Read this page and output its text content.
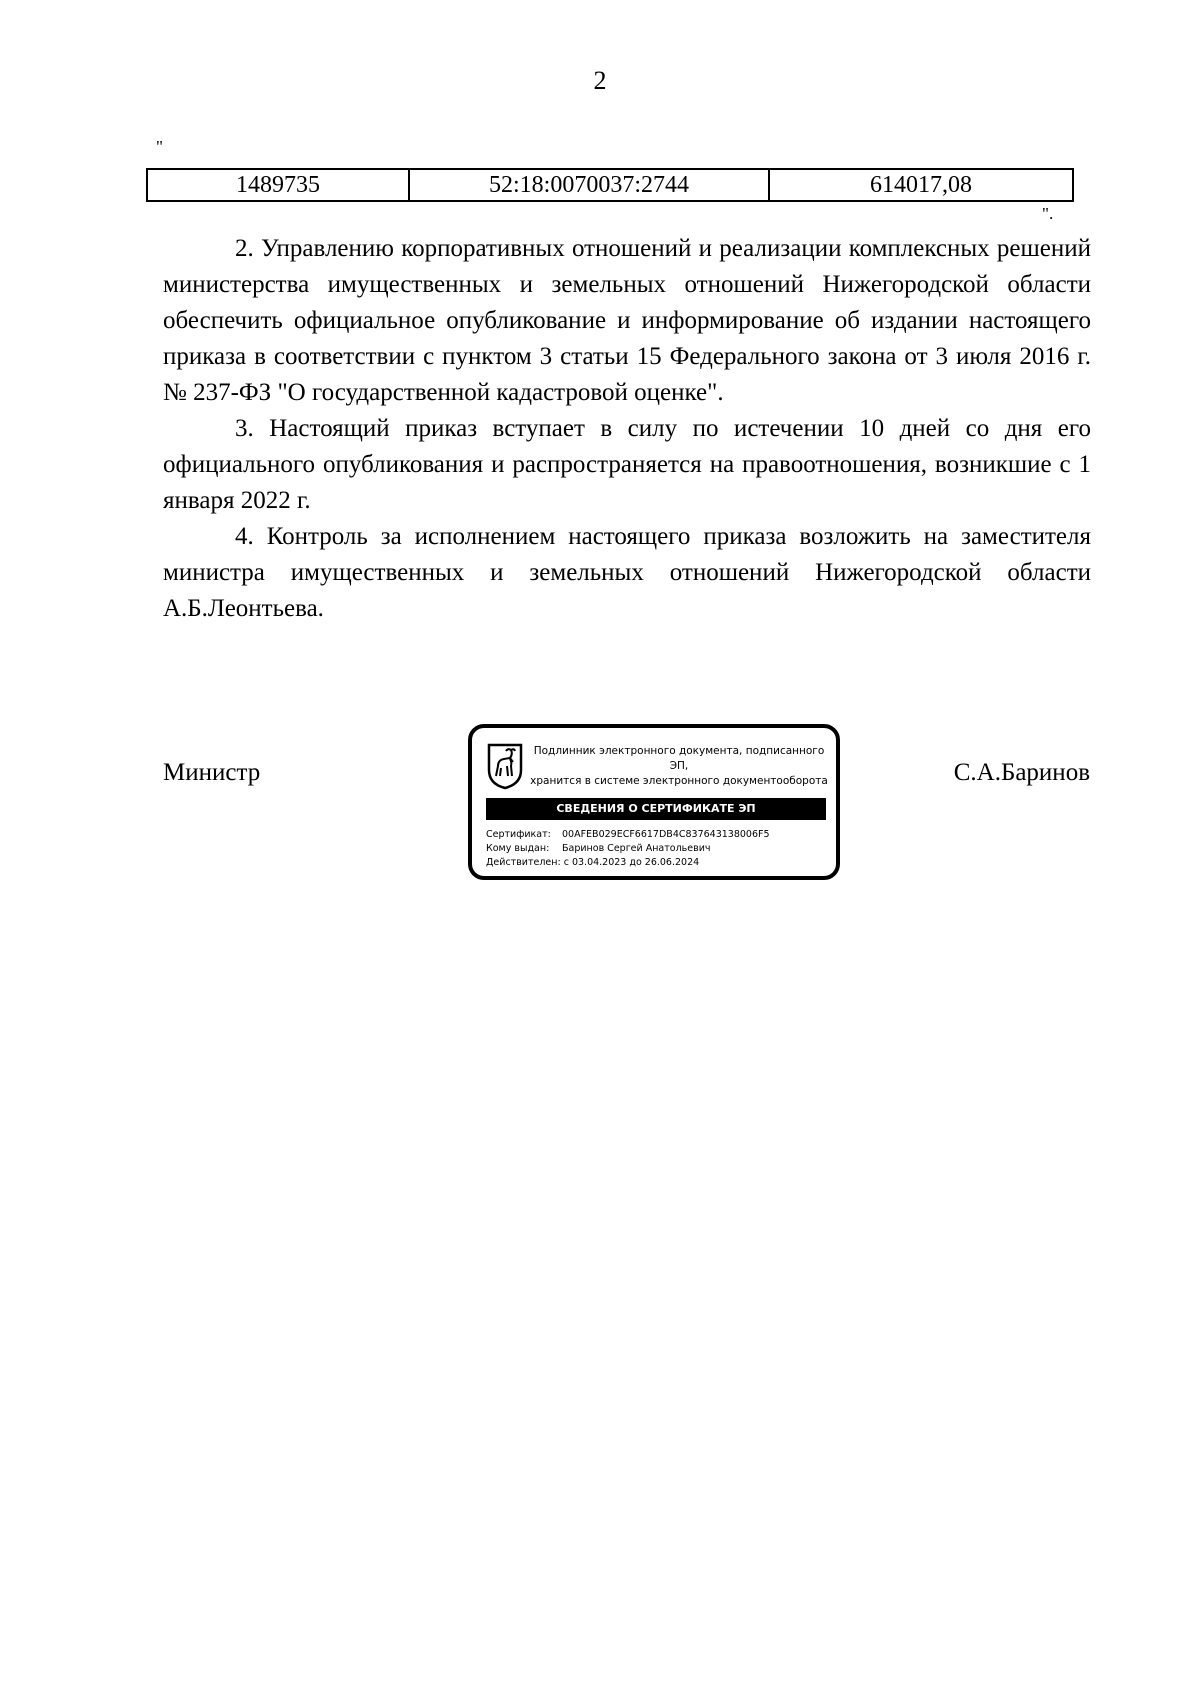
2
"
1489735	52:18:0070037:2744	614017,08
".

2. Управлению корпоративных отношений и реализации комплексных решений министерства имущественных и земельных отношений Нижегородской области обеспечить официальное опубликование и информирование об издании настоящего приказа в соответствии с пунктом 3 статьи 15 Федерального закона от 3 июля 2016 г. № 237-ФЗ "О государственной кадастровой оценке".

3. Настоящий приказ вступает в силу по истечении 10 дней со дня его официального опубликования и распространяется на правоотношения, возникшие с 1 января 2022 г.

4. Контроль за исполнением настоящего приказа возложить на заместителя министра имущественных и земельных отношений Нижегородской области А.Б.Леонтьева.

Министр
Подлинник электронного документа, подписанного ЭП,
хранится в системе электронного документооборота
СВЕДЕНИЯ О СЕРТИФИКАТЕ ЭП
Сертификат: 00AFEB029ECF6617DB4C837643138006F5
Кому выдан: Баринов Сергей Анатольевич
Действителен: с 03.04.2023 до 26.06.2024
С.А.Баринов
